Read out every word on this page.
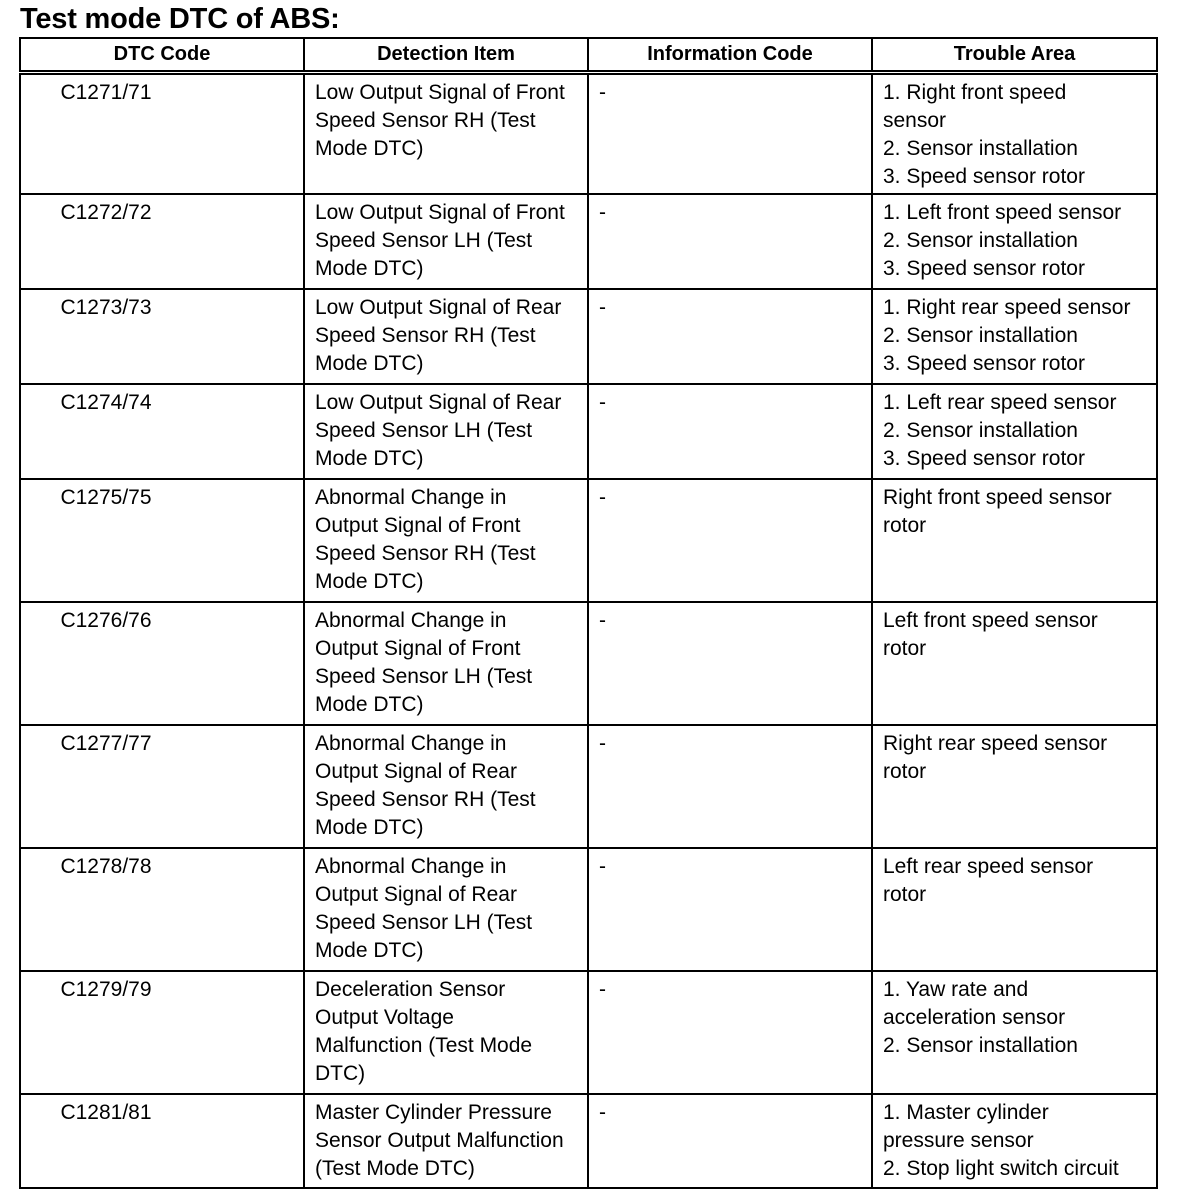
Test mode DTC of ABS:
DTC Code	Detection Item	Information Code	Trouble Area
C1271/71	Low Output Signal of Front
Speed Sensor RH (Test
Mode DTC)	-	1. Right front speed
sensor
2. Sensor installation
3. Speed sensor rotor

C1272/72	Low Output Signal of Front
Speed Sensor LH (Test
Mode DTC)	-	1. Left front speed sensor
2. Sensor installation
3. Speed sensor rotor

C1273/73	Low Output Signal of Rear
Speed Sensor RH (Test
Mode DTC)	-	1. Right rear speed sensor
2. Sensor installation
3. Speed sensor rotor

C1274/74	Low Output Signal of Rear
Speed Sensor LH (Test
Mode DTC)	-	1. Left rear speed sensor
2. Sensor installation
3. Speed sensor rotor

C1275/75	Abnormal Change in
Output Signal of Front
Speed Sensor RH (Test
Mode DTC)	-	Right front speed sensor
rotor

C1276/76	Abnormal Change in
Output Signal of Front
Speed Sensor LH (Test
Mode DTC)	-	Left front speed sensor
rotor

C1277/77	Abnormal Change in
Output Signal of Rear
Speed Sensor RH (Test
Mode DTC)	-	Right rear speed sensor
rotor

C1278/78	Abnormal Change in
Output Signal of Rear
Speed Sensor LH (Test
Mode DTC)	-	Left rear speed sensor
rotor

C1279/79	Deceleration Sensor
Output Voltage
Malfunction (Test Mode
DTC)	-	1. Yaw rate and
acceleration sensor
2. Sensor installation

C1281/81	Master Cylinder Pressure
Sensor Output Malfunction
(Test Mode DTC)	-	1. Master cylinder
pressure sensor
2. Stop light switch circuit
